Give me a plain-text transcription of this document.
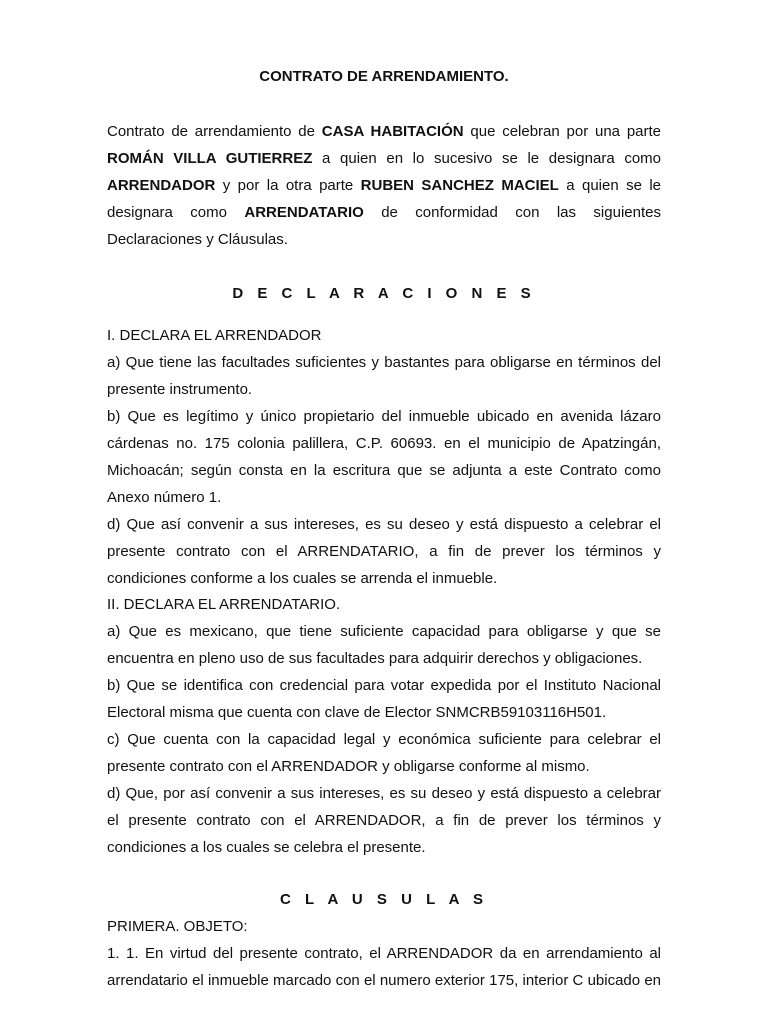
CONTRATO DE ARRENDAMIENTO.
Contrato de arrendamiento de CASA HABITACIÓN que celebran por una parte ROMÁN VILLA GUTIERREZ a quien en lo sucesivo se le designara como ARRENDADOR y por la otra parte RUBEN SANCHEZ MACIEL a quien se le designara como ARRENDATARIO de conformidad con las siguientes Declaraciones y Cláusulas.
D E C L A R A C I O N E S
I. DECLARA EL ARRENDADOR
a) Que tiene las facultades suficientes y bastantes para obligarse en términos del presente instrumento.
b) Que es legítimo y único propietario del inmueble ubicado en avenida lázaro cárdenas no. 175 colonia palillera, C.P. 60693. en el municipio de Apatzingán, Michoacán; según consta en la escritura que se adjunta a este Contrato como Anexo número 1.
d) Que así convenir a sus intereses, es su deseo y está dispuesto a celebrar el presente contrato con el ARRENDATARIO, a fin de prever los términos y condiciones conforme a los cuales se arrenda el inmueble.
II. DECLARA EL ARRENDATARIO.
a) Que es mexicano, que tiene suficiente capacidad para obligarse y que se encuentra en pleno uso de sus facultades para adquirir derechos y obligaciones.
b) Que se identifica con credencial para votar expedida por el Instituto Nacional Electoral misma que cuenta con clave de Elector SNMCRB59103116H501.
c) Que cuenta con la capacidad legal y económica suficiente para celebrar el presente contrato con el ARRENDADOR y obligarse conforme al mismo.
d) Que, por así convenir a sus intereses, es su deseo y está dispuesto a celebrar el presente contrato con el ARRENDADOR, a fin de prever los términos y condiciones a los cuales se celebra el presente.
C L A U S U L A S
PRIMERA. OBJETO:
1. 1. En virtud del presente contrato, el ARRENDADOR da en arrendamiento al
arrendatario el inmueble marcado con el numero exterior 175, interior C ubicado en
